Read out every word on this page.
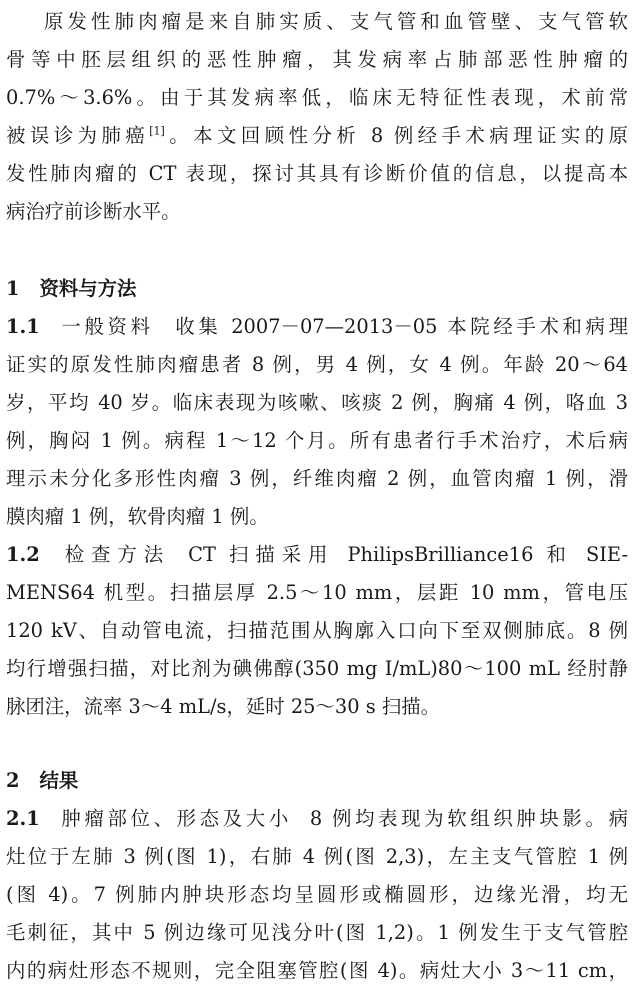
原发性肺肉瘤是来自肺实质、支气管和血管壁、支气管软
骨等中胚层组织的恶性肿瘤，其发病率占肺部恶性肿瘤的
0.7%～3.6%。由于其发病率低，临床无特征性表现，术前常
被误诊为肺癌[1]。本文回顾性分析 8 例经手术病理证实的原
发性肺肉瘤的 CT 表现，探讨其具有诊断价值的信息，以提高本
病治疗前诊断水平。
1 资料与方法
1.1 一般资料 收集 2007－07—2013－05 本院经手术和病理
证实的原发性肺肉瘤患者 8 例，男 4 例，女 4 例。年龄 20～64
岁，平均 40 岁。临床表现为咳嗽、咳痰 2 例，胸痛 4 例，咯血 3
例，胸闷 1 例。病程 1～12 个月。所有患者行手术治疗，术后病
理示未分化多形性肉瘤 3 例，纤维肉瘤 2 例，血管肉瘤 1 例，滑
膜肉瘤 1 例，软骨肉瘤 1 例。
1.2 检查方法 CT 扫描采用 PhilipsBrilliance16 和 SIE-
MENS64 机型。扫描层厚 2.5～10 mm，层距 10 mm，管电压
120 kV、自动管电流，扫描范围从胸廓入口向下至双侧肺底。8 例
均行增强扫描，对比剂为碘佛醇(350 mg I/mL)80～100 mL 经肘静
脉团注，流率 3～4 mL/s，延时 25～30 s 扫描。
2 结果
2.1 肿瘤部位、形态及大小 8 例均表现为软组织肿块影。病
灶位于左肺 3 例(图 1)，右肺 4 例(图 2,3)，左主支气管腔 1 例
(图 4)。7 例肺内肿块形态均呈圆形或椭圆形，边缘光滑，均无
毛刺征，其中 5 例边缘可见浅分叶(图 1,2)。1 例发生于支气管腔
内的病灶形态不规则，完全阻塞管腔(图 4)。病灶大小 3～11 cm，
